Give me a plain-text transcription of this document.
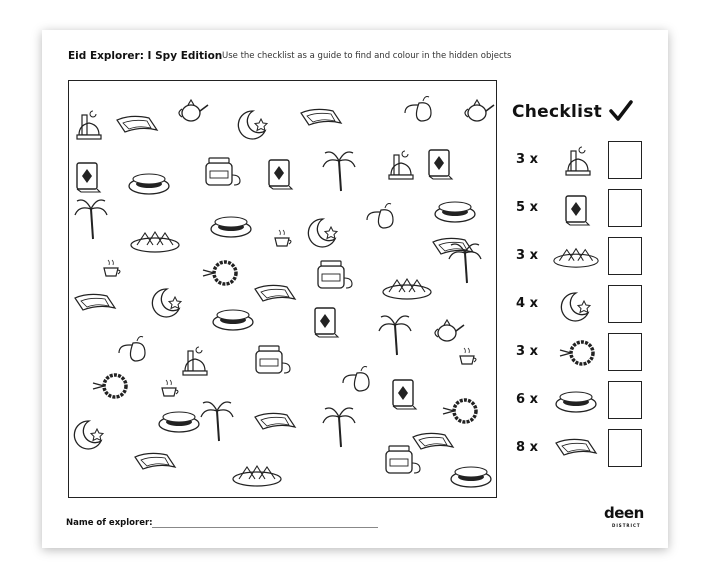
Eid Explorer: I Spy Edition Use the checklist as a guide to find and colour in the hidden objects
Checklist
3 x
5 x
3 x
4 x
3 x
6 x
8 x
Name of explorer:
deen
DISTRICT
